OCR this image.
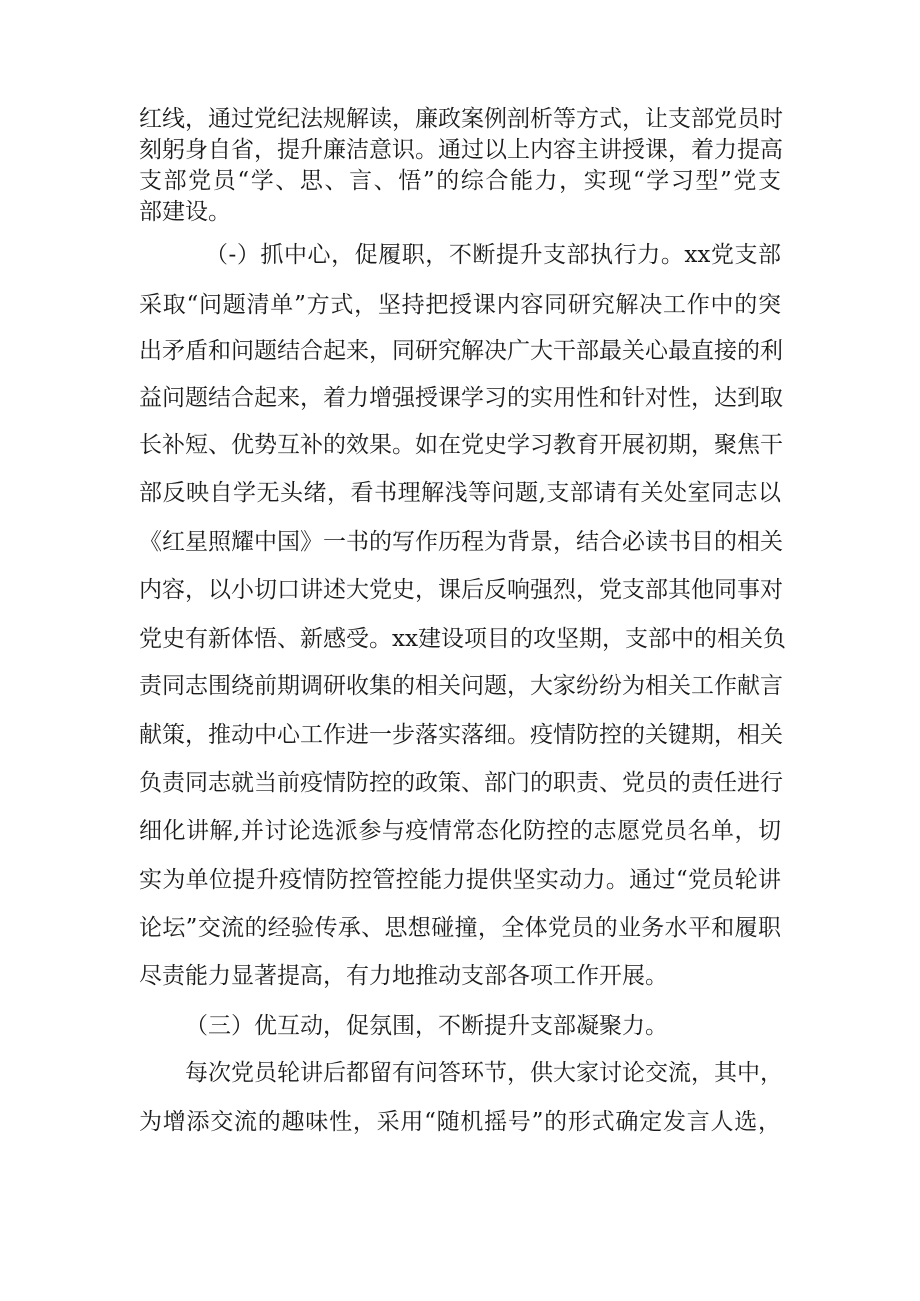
红线，通过党纪法规解读，廉政案例剖析等方式，让支部党员时

刻躬身自省，提升廉洁意识。通过以上内容主讲授课，着力提高

支部党员“学、思、言、悟”的综合能力，实现“学习型”党支

部建设。

（-）抓中心，促履职，不断提升支部执行力。xx党支部

采取“问题清单”方式，坚持把授课内容同研究解决工作中的突

出矛盾和问题结合起来，同研究解决广大干部最关心最直接的利

益问题结合起来，着力增强授课学习的实用性和针对性，达到取

长补短、优势互补的效果。如在党史学习教育开展初期，聚焦干

部反映自学无头绪，看书理解浅等问题,支部请有关处室同志以

《红星照耀中国》一书的写作历程为背景，结合必读书目的相关

内容，以小切口讲述大党史，课后反响强烈，党支部其他同事对

党史有新体悟、新感受。xx建设项目的攻坚期，支部中的相关负

责同志围绕前期调研收集的相关问题，大家纷纷为相关工作献言

献策，推动中心工作进一步落实落细。疫情防控的关键期，相关

负责同志就当前疫情防控的政策、部门的职责、党员的责任进行

细化讲解,并讨论选派参与疫情常态化防控的志愿党员名单，切

实为单位提升疫情防控管控能力提供坚实动力。通过“党员轮讲

论坛”交流的经验传承、思想碰撞，全体党员的业务水平和履职

尽责能力显著提高，有力地推动支部各项工作开展。

（三）优互动，促氛围，不断提升支部凝聚力。

每次党员轮讲后都留有问答环节，供大家讨论交流，其中，

为增添交流的趣味性，采用“随机摇号”的形式确定发言人选，
